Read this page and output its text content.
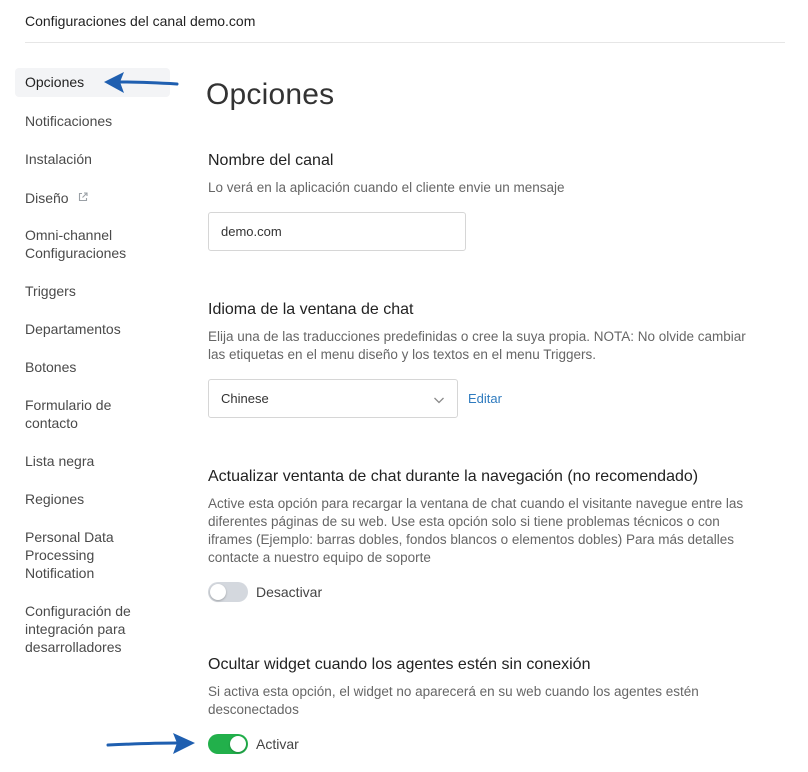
Configuraciones del canal demo.com
Opciones
Notificaciones
Instalación
Diseño
Omni-channel Configuraciones
Triggers
Departamentos
Botones
Formulario de contacto
Lista negra
Regiones
Personal Data Processing Notification
Configuración de integración para desarrolladores
Opciones
Nombre del canal
Lo verá en la aplicación cuando el cliente envie un mensaje
demo.com
Idioma de la ventana de chat
Elija una de las traducciones predefinidas o cree la suya propia. NOTA: No olvide cambiar las etiquetas en el menu diseño y los textos en el menu Triggers.
Chinese	Editar
Actualizar ventanta de chat durante la navegación (no recomendado)
Active esta opción para recargar la ventana de chat cuando el visitante navegue entre las diferentes páginas de su web. Use esta opción solo si tiene problemas técnicos o con iframes (Ejemplo: barras dobles, fondos blancos o elementos dobles) Para más detalles contacte a nuestro equipo de soporte
Desactivar
Ocultar widget cuando los agentes estén sin conexión
Si activa esta opción, el widget no aparecerá en su web cuando los agentes estén desconectados
Activar
